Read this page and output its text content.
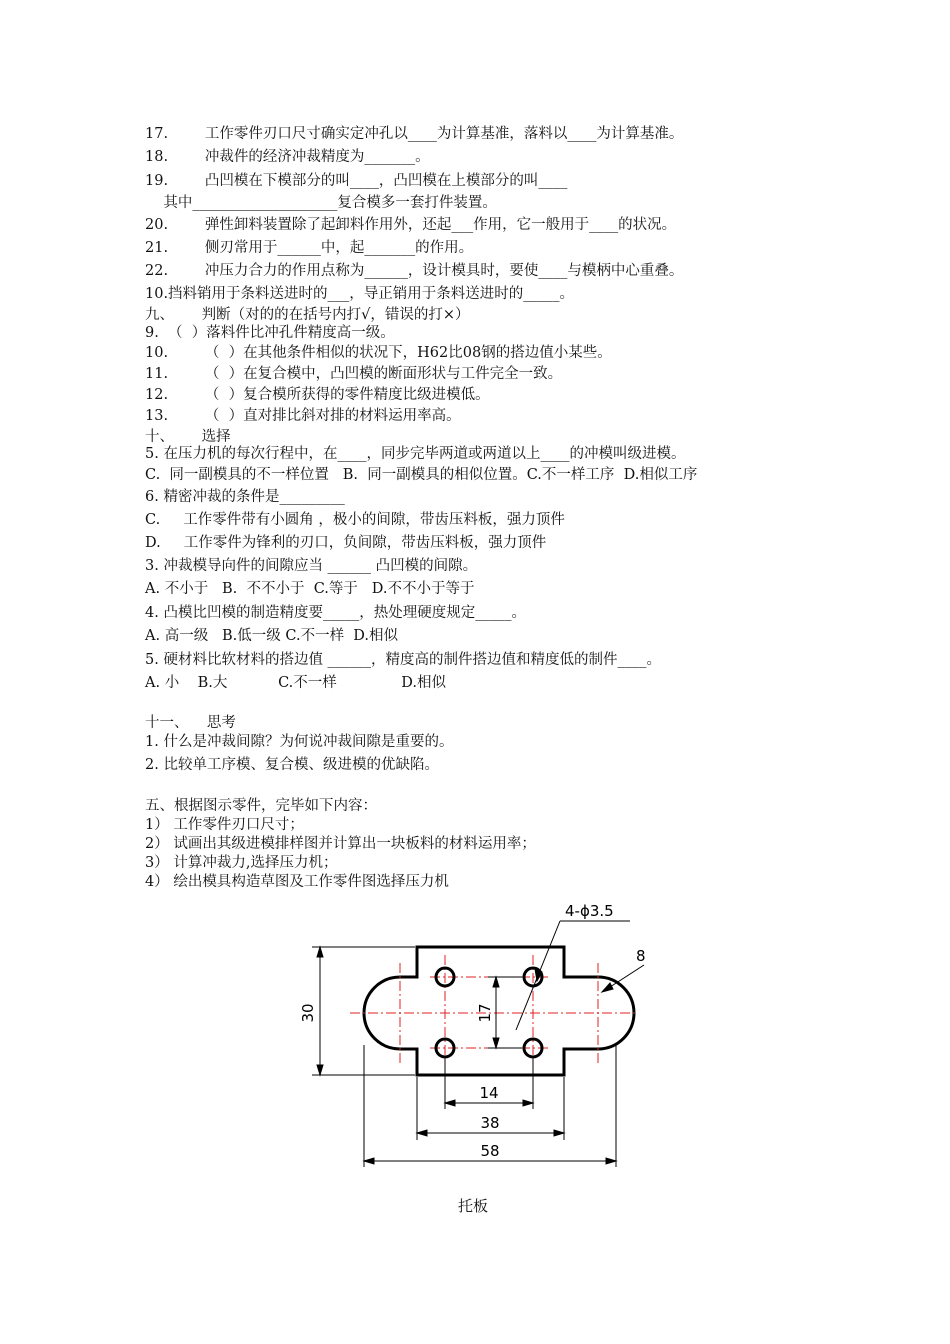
17.        工作零件刃口尺寸确实定冲孔以____为计算基准，落料以____为计算基准。
18.        冲裁件的经济冲裁精度为_______。
19.        凸凹模在下模部分的叫____，凸凹模在上模部分的叫____
其中____________________复合模多一套打件装置。
20.        弹性卸料装置除了起卸料作用外，还起___作用，它一般用于____的状况。
21.        侧刃常用于______中，起_______的作用。
22.        冲压力合力的作用点称为______，设计模具时，要使____与模柄中心重叠。
10.挡料销用于条料送进时的___，导正销用于条料送进时的_____。
九、      判断（对的的在括号内打√，错误的打×）
9.  （  ）落料件比冲孔件精度高一级。
10.        （  ）在其他条件相似的状况下，H62比08钢的搭边值小某些。
11.        （  ）在复合模中，凸凹模的断面形状与工件完全一致。
12.        （  ）复合模所获得的零件精度比级进模低。
13.        （  ）直对排比斜对排的材料运用率高。
十、      选择
5. 在压力机的每次行程中，在____，同步完毕两道或两道以上____的冲模叫级进模。
C.  同一副模具的不一样位置   B.  同一副模具的相似位置。C.不一样工序  D.相似工序
6. 精密冲裁的条件是_________
C.     工作零件带有小圆角 ，极小的间隙，带齿压料板，强力顶件
D.     工作零件为锋利的刃口，负间隙，带齿压料板，强力顶件
3. 冲裁模导向件的间隙应当 ______ 凸凹模的间隙。
A. 不小于   B.  不不小于  C.等于   D.不不小于等于
4. 凸模比凹模的制造精度要_____，热处理硬度规定_____。
A. 高一级   B.低一级 C.不一样  D.相似
5. 硬材料比软材料的搭边值 ______，精度高的制件搭边值和精度低的制件____。
A. 小    B.大           C.不一样              D.相似
十一、    思考
1. 什么是冲裁间隙？为何说冲裁间隙是重要的。
2. 比较单工序模、复合模、级进模的优缺陷。
五、根据图示零件，完毕如下内容：
1） 工作零件刃口尺寸；
2） 试画出其级进模排样图并计算出一块板料的材料运用率；
3） 计算冲裁力,选择压力机；
4） 绘出模具构造草图及工作零件图选择压力机
30	17
14
38
58
4-ϕ3.5
8
托板
